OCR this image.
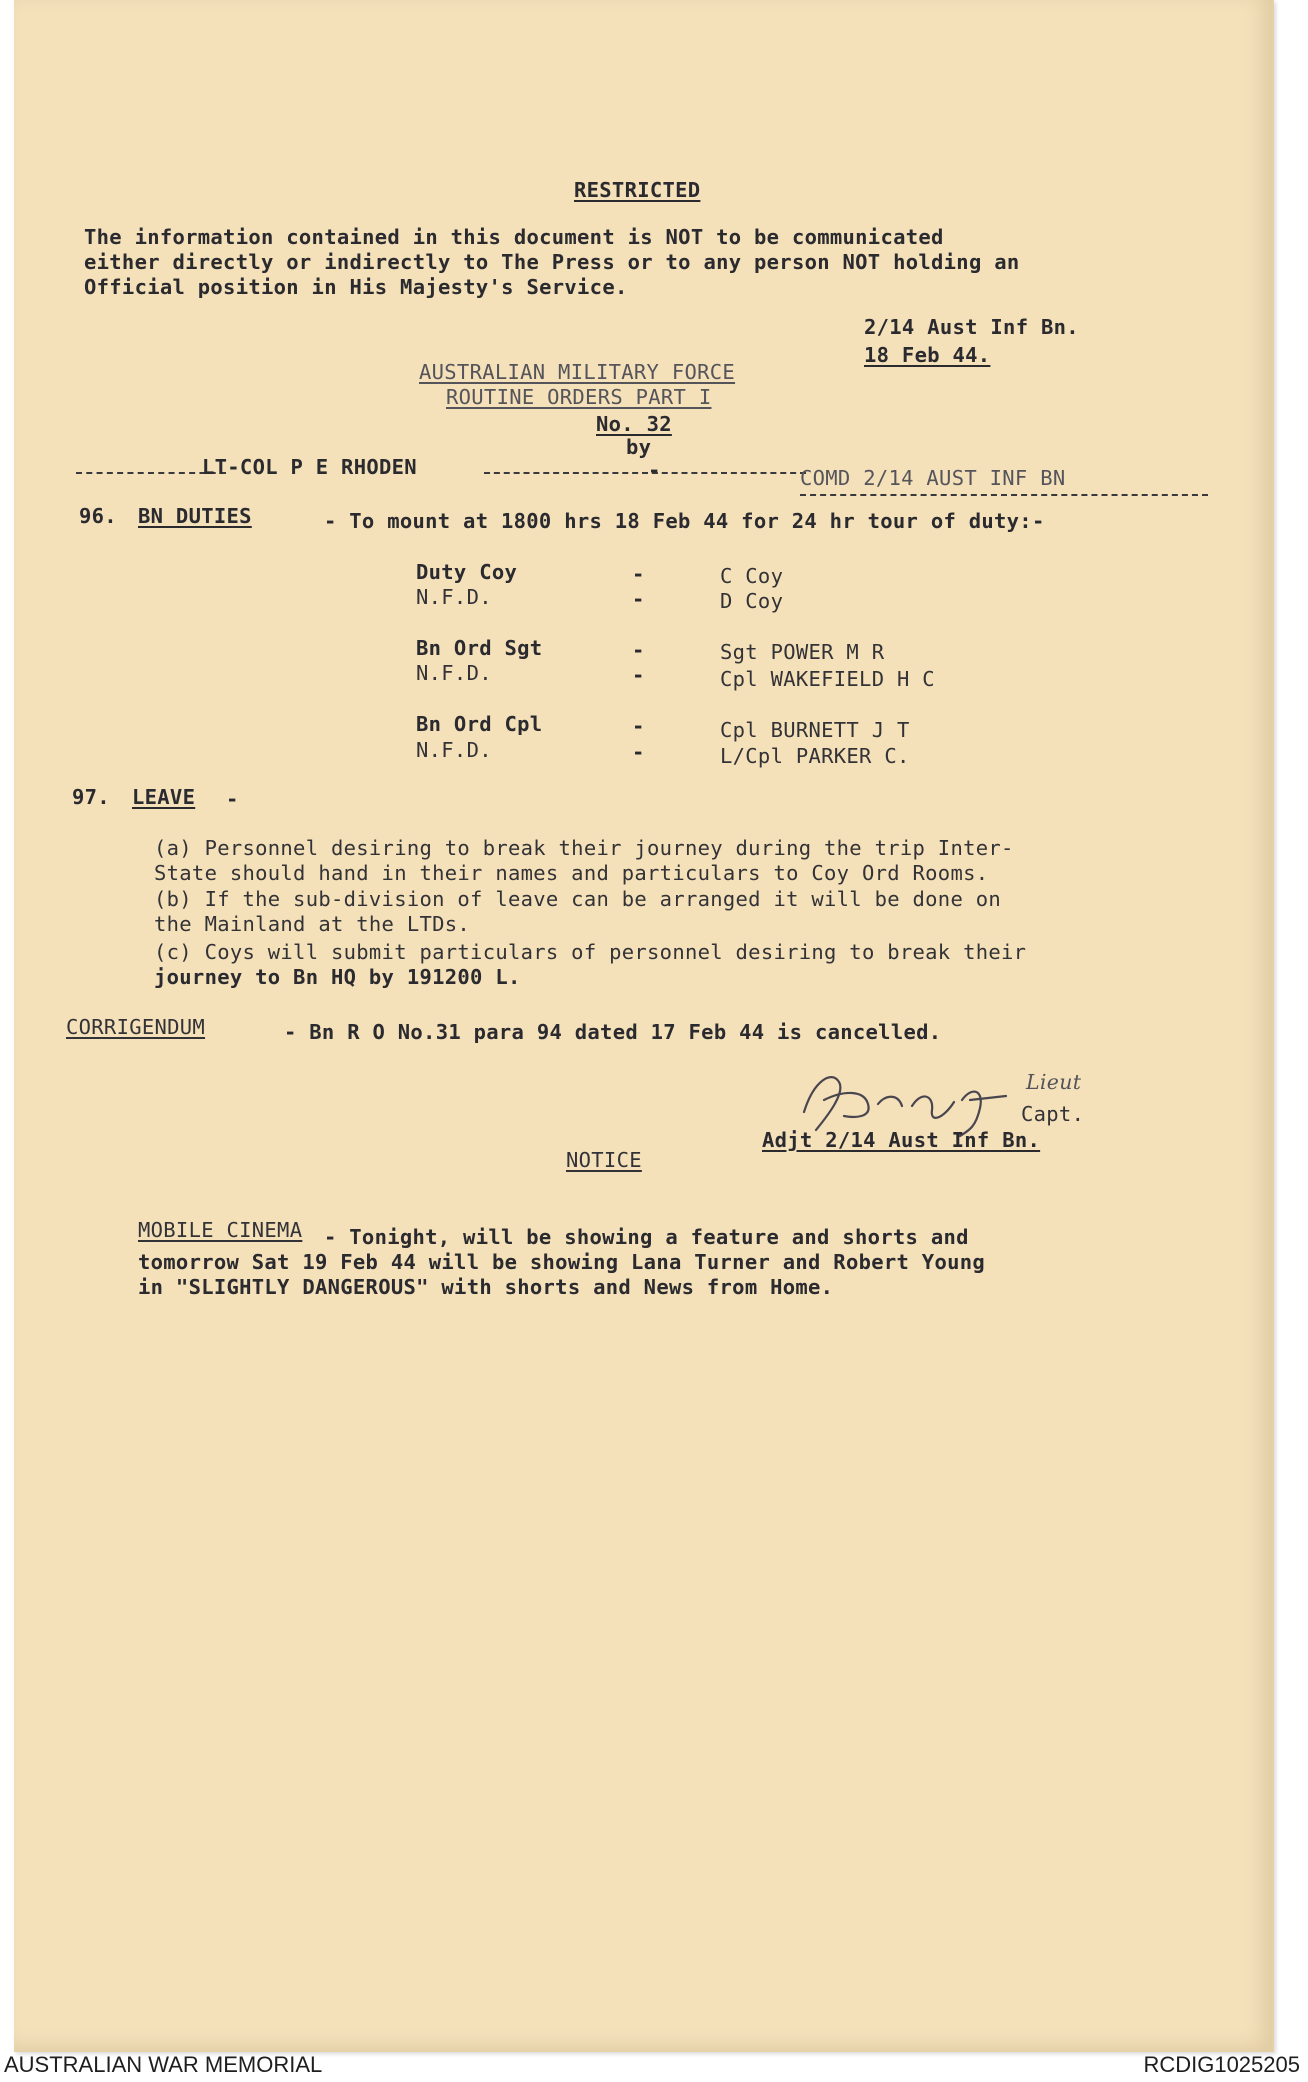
RESTRICTED
The information contained in this document is NOT to be communicated
either directly or indirectly to The Press or to any person NOT holding an
Official position in His Majesty's Service.
2/14 Aust Inf Bn.
18 Feb 44.
AUSTRALIAN MILITARY FORCE
ROUTINE ORDERS PART I
No. 32
by
LT-COL P E RHODEN	-	COMD 2/14 AUST INF BN
96. BN DUTIES	- To mount at 1800 hrs 18 Feb 44 for 24 hr tour of duty:-
Duty Coy	-	C Coy
N.F.D.	-	D Coy
Bn Ord Sgt	-	Sgt POWER M R
N.F.D.	-	Cpl WAKEFIELD H C
Bn Ord Cpl	-	Cpl BURNETT J T
N.F.D.	-	L/Cpl PARKER C.
97. LEAVE -
(a) Personnel desiring to break their journey during the trip Inter-
State should hand in their names and particulars to Coy Ord Rooms.
(b) If the sub-division of leave can be arranged it will be done on
the Mainland at the LTDs.
(c) Coys will submit particulars of personnel desiring to break their
journey to Bn HQ by 191200 L.
CORRIGENDUM	- Bn R O No.31 para 94 dated 17 Feb 44 is cancelled.
Lieut
Capt.
Adjt 2/14 Aust Inf Bn.
NOTICE
MOBILE CINEMA - Tonight, will be showing a feature and shorts and
tomorrow Sat 19 Feb 44 will be showing Lana Turner and Robert Young
in "SLIGHTLY DANGEROUS" with shorts and News from Home.
AUSTRALIAN WAR MEMORIAL	RCDIG1025205
